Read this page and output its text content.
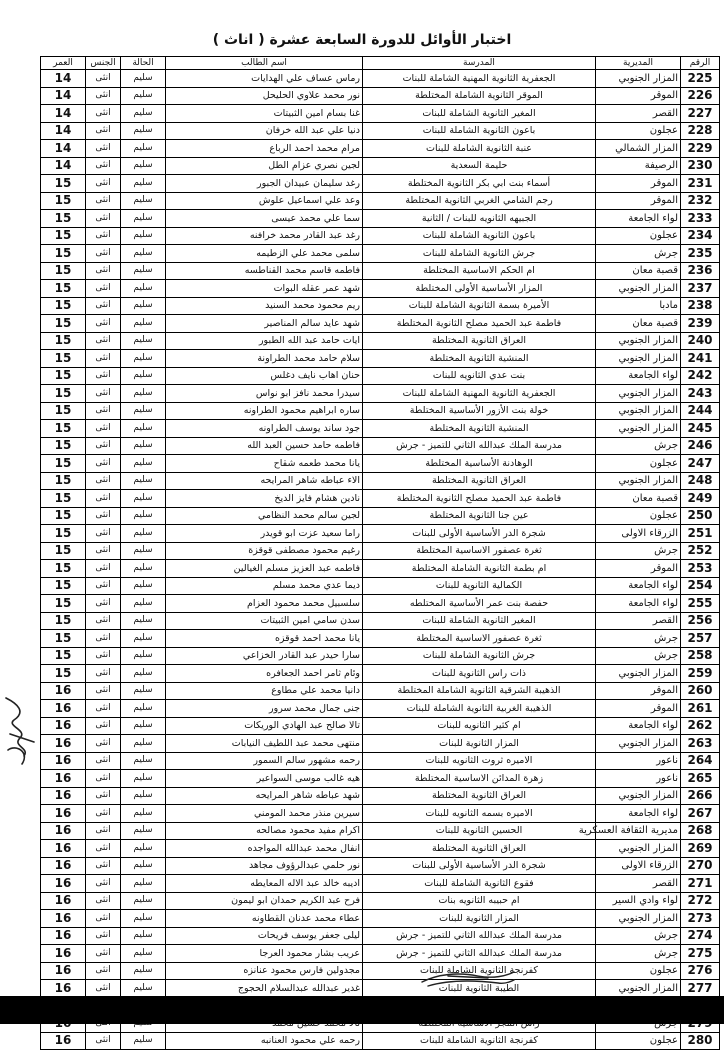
اختبار الأوائل للدورة السابعة عشرة ( اناث )
الرقم	المديرية	المدرسة	اسم الطالب	الحالة	الجنس	العمر
225	المزار الجنوبي	الجعفرية الثانوية المهنية الشاملة للبنات	رماس عساف علي الهدايات	سليم	انثى	14
226	الموقر	الموقر الثانوية الشاملة المختلطة	نور محمد علاوي الحليحل	سليم	انثى	14
227	القصر	المغير الثانوية الشاملة للبنات	غنا بسام امين الثبيتات	سليم	انثى	14
228	عجلون	باعون الثانوية الشاملة للبنات	دنيا علي عبد الله خرفان	سليم	انثى	14
229	المزار الشمالي	عنبة الثانوية الشاملة للبنات	مرام محمد احمد الرباع	سليم	انثى	14
230	الرصيفة	حليمة السعدية	لجين نصري عزام الطل	سليم	انثى	14
231	الموقر	أسماء بنت ابي بكر الثانوية المختلطة	رغد سليمان عبيدان الجبور	سليم	انثى	15
232	الموقر	رجم الشامي الغربي الثانوية المختلطة	وعد علي اسماعيل علوش	سليم	انثى	15
233	لواء الجامعة	الجبيهه الثانويه للبنات / الثانية	سما علي محمد عيسى	سليم	انثى	15
234	عجلون	باعون الثانوية الشاملة للبنات	رغد عبد القادر محمد خرافنه	سليم	انثى	15
235	جرش	جرش الثانوية الشاملة للبنات	سلمى محمد علي الزطيمه	سليم	انثى	15
236	قصبة معان	ام الحكم الاساسية المختلطة	فاطمه قاسم محمد القناطسه	سليم	انثى	15
237	المزار الجنوبي	المزار الأساسية الأولى المختلطة	شهد عمر عقله البوات	سليم	انثى	15
238	مادبا	الأميرة بسمة الثانوية الشاملة للبنات	ريم محمود محمد السنيد	سليم	انثى	15
239	قصبة معان	فاطمة عبد الحميد مصلح الثانوية المختلطة	شهد عايد سالم المناصير	سليم	انثى	15
240	المزار الجنوبي	العراق الثانوية المختلطة	ايات حامد عبد الله الطبور	سليم	انثى	15
241	المزار الجنوبي	المنشية الثانوية المختلطة	سلام حامد محمد الطراونة	سليم	انثى	15
242	لواء الجامعة	بنت عدي الثانويه للبنات	حنان اهاب نايف دغلس	سليم	انثى	15
243	المزار الجنوبي	الجعفرية الثانوية المهنية الشاملة للبنات	سيدرا محمد نافز ابو نواس	سليم	انثى	15
244	المزار الجنوبي	خولة بنت الأزور الأساسية المختلطة	ساره ابراهيم محمود الطراونه	سليم	انثى	15
245	المزار الجنوبي	المنشية الثانوية المختلطة	جود ساند يوسف الطراونه	سليم	انثى	15
246	جرش	مدرسة الملك عبدالله الثاني للتميز - جرش	فاطمه حامد حسين العبد الله	سليم	انثى	15
247	عجلون	الوهادنة الأساسية المختلطة	يانا محمد طعمه شقاح	سليم	انثى	15
248	المزار الجنوبي	العراق الثانوية المختلطة	الاء عباطه شاهر المرايحه	سليم	انثى	15
249	قصبة معان	فاطمة عبد الحميد مصلح الثانوية المختلطة	نادين هشام فايز الديخ	سليم	انثى	15
250	عجلون	عين جنا الثانوية المختلطة	لجين سالم محمد النظامي	سليم	انثى	15
251	الزرقاء الاولى	شجرة الدر الأساسية الأولى للبنات	راما سعيد عزت ابو قويدر	سليم	انثى	15
252	جرش	ثغرة عصفور الاساسية المختلطة	رغيم محمود مصطفى قوقزة	سليم	انثى	15
253	الموقر	ام بطمة الثانوية الشاملة المختلطة	فاطمه عبد العزيز مسلم الغيالين	سليم	انثى	15
254	لواء الجامعة	الكمالية الثانوية للبنات	ديما عدي محمد مسلم	سليم	انثى	15
255	لواء الجامعة	حفصة بنت عمر الأساسية المختلطه	سلسبيل محمد محمود العزام	سليم	انثى	15
256	القصر	المغير الثانوية الشاملة للبنات	سدن سامي امين الثبيتات	سليم	انثى	15
257	جرش	ثغرة عصفور الاساسية المختلطة	يانا محمد احمد قوقزه	سليم	انثى	15
258	جرش	جرش الثانوية الشاملة للبنات	سارا حيدر عبد القادر الخزاعي	سليم	انثى	15
259	المزار الجنوبي	ذات راس الثانوية للبنات	وئام ثامر احمد الجعافره	سليم	انثى	15
260	الموقر	الذهيبة الشرقية الثانوية الشاملة المختلطة	دانيا محمد علي مطاوع	سليم	انثى	16
261	الموقر	الذهيبة الغربية الثانوية الشاملة للبنات	جنى جمال محمد سرور	سليم	انثى	16
262	لواء الجامعة	ام كثير الثانويه للبنات	تالا صالح عبد الهادي الوريكات	سليم	انثى	16
263	المزار الجنوبي	المزار الثانوية للبنات	منتهى محمد عبد اللطيف النيابات	سليم	انثى	16
264	ناعور	الاميره ثروت الثانويه للبنات	رحمه مشهور سالم السمور	سليم	انثى	16
265	ناعور	زهرة المدائن الاساسية المختلطة	هيه غالب موسى السواعير	سليم	انثى	16
266	المزار الجنوبي	العراق الثانوية المختلطة	شهد عباطه شاهر المرايحه	سليم	انثى	16
267	لواء الجامعة	الاميره بسمه الثانويه للبنات	سيرين منذر محمد المومني	سليم	انثى	16
268	مديرية الثقافة العسكرية	الحسين الثانوية للبنات	اكرام مفيد محمود مصالحه	سليم	انثى	16
269	المزار الجنوبي	العراق الثانوية المختلطة	انفال محمد عبدالله المواجده	سليم	انثى	16
270	الزرقاء الاولى	شجرة الدر الأساسية الأولى للبنات	نور حلمي عبدالرؤوف مجاهد	سليم	انثى	16
271	القصر	فقوع الثانوية الشاملة للبنات	اديبه خالد عبد الاله المعايطه	سليم	انثى	16
272	لواء وادي السير	ام حبيبه الثانويه بنات	فرح عبد الكريم حمدان ابو ليمون	سليم	انثى	16
273	المزار الجنوبي	المزار الثانوية للبنات	عطاء محمد عدنان القطاونه	سليم	انثى	16
274	جرش	مدرسة الملك عبدالله الثاني للتميز - جرش	ليلى جعفر يوسف فريحات	سليم	انثى	16
275	جرش	مدرسة الملك عبدالله الثاني للتميز - جرش	عريب بشار محمود العرجا	سليم	انثى	16
276	عجلون	كفرنجة الثانوية الشاملة للبنات	مجدولين فارس محمود عنانزه	سليم	انثى	16
277	المزار الجنوبي	الطيبة الثانوية للبنات	غدير عبدالله عبدالسلام الحجوج	سليم	انثى	16

280	عجلون	كفرنجة الثانوية الشاملة للبنات	رحمه علي محمود العنانبه	سليم	انثى	16
